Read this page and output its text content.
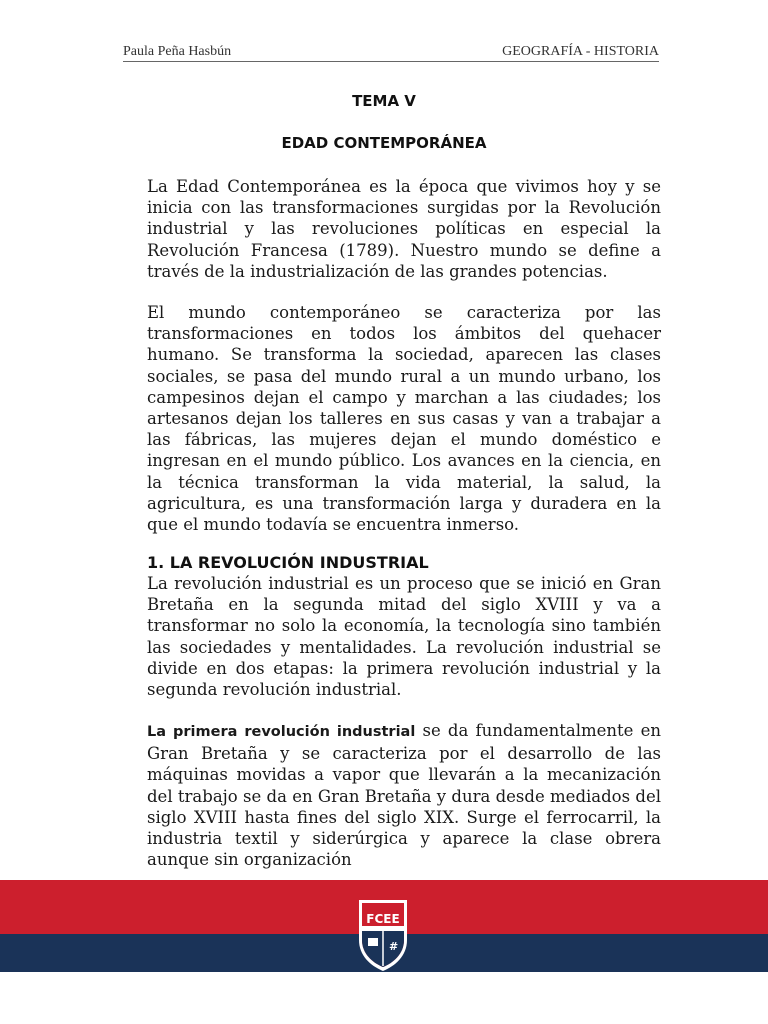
Paula Peña Hasbún	GEOGRAFÍA - HISTORIA
TEMA V
EDAD CONTEMPORÁNEA

La Edad Contemporánea es la época que vivimos hoy y se inicia con las transformaciones surgidas por la Revolución industrial y las revoluciones políticas en especial la Revolución Francesa (1789). Nuestro mundo se define a través de la industrialización de las grandes potencias.

El mundo contemporáneo se caracteriza por las transformaciones en todos los ámbitos del quehacer humano. Se transforma la sociedad, aparecen las clases sociales, se pasa del mundo rural a un mundo urbano, los campesinos dejan el campo y marchan a las ciudades; los artesanos dejan los talleres en sus casas y van a trabajar a las fábricas, las mujeres dejan el mundo doméstico e ingresan en el mundo público. Los avances en la ciencia, en la técnica transforman la vida material, la salud, la agricultura, es una transformación larga y duradera en la que el mundo todavía se encuentra inmerso.

1. LA REVOLUCIÓN INDUSTRIAL

La revolución industrial es un proceso que se inició en Gran Bretaña en la segunda mitad del siglo XVIII y va a transformar no solo la economía, la tecnología sino también las sociedades y mentalidades. La revolución industrial se divide en dos etapas: la primera revolución industrial y la segunda revolución industrial.

La primera revolución industrial se da fundamentalmente en Gran Bretaña y se caracteriza por el desarrollo de las máquinas movidas a vapor que llevarán a la mecanización del trabajo se da en Gran Bretaña y dura desde mediados del siglo XVIII hasta fines del siglo XIX. Surge el ferrocarril, la industria textil y siderúrgica y aparece la clase obrera aunque sin organización

#
FCEE
